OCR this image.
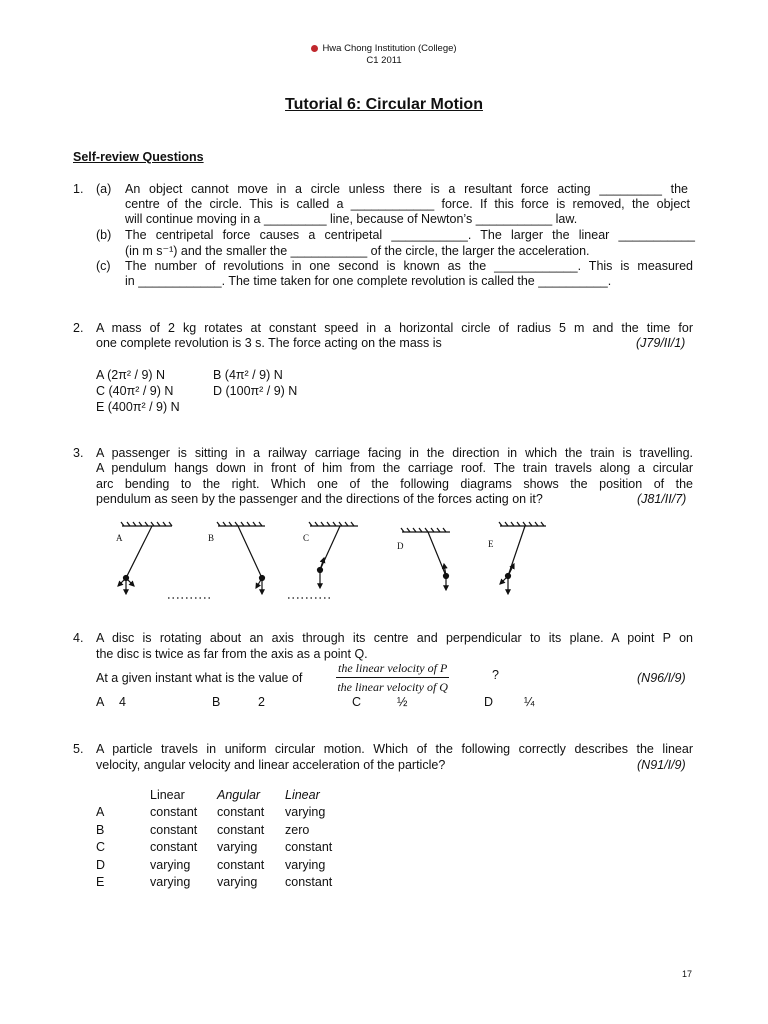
Hwa Chong Institution (College)
C1 2011
Tutorial 6: Circular Motion
Self-review Questions
1. (a) An object cannot move in a circle unless there is a resultant force acting _________ the
centre of the circle. This is called a ____________ force. If this force is removed, the object
will continue moving in a _________ line, because of Newton’s ___________ law.
(b) The centripetal force causes a centripetal ___________. The larger the linear ___________
(in m s⁻¹) and the smaller the ___________ of the circle, the larger the acceleration.
(c) The number of revolutions in one second is known as the ____________. This is measured
in ____________. The time taken for one complete revolution is called the __________.
2. A mass of 2 kg rotates at constant speed in a horizontal circle of radius 5 m and the time for
one complete revolution is 3 s. The force acting on the mass is	(J79/II/1)
A (2π² / 9) N	B (4π² / 9) N
C (40π² / 9) N	D (100π² / 9) N
E (400π² / 9) N
3. A passenger is sitting in a railway carriage facing in the direction in which the train is travelling.
A pendulum hangs down in front of him from the carriage roof. The train travels along a circular
arc bending to the right. Which one of the following diagrams shows the position of the
pendulum as seen by the passenger and the directions of the forces acting on it?	(J81/II/7)
A	B	C
D	E
4. A disc is rotating about an axis through its centre and perpendicular to its plane. A point P on
the disc is twice as far from the axis as a point Q.
At a given instant what is the value of
the linear velocity of P
the linear velocity of Q
?	(N96/I/9)
A 4	B	2	C	½	D ¼
5. A particle travels in uniform circular motion. Which of the following correctly describes the linear
velocity, angular velocity and linear acceleration of the particle?	(N91/I/9)
	Linear	Angular	Linear
A	constant	constant	varying
B	constant	constant	zero
C	constant	varying	constant
D	varying	constant	varying
E	varying	varying	constant
17
